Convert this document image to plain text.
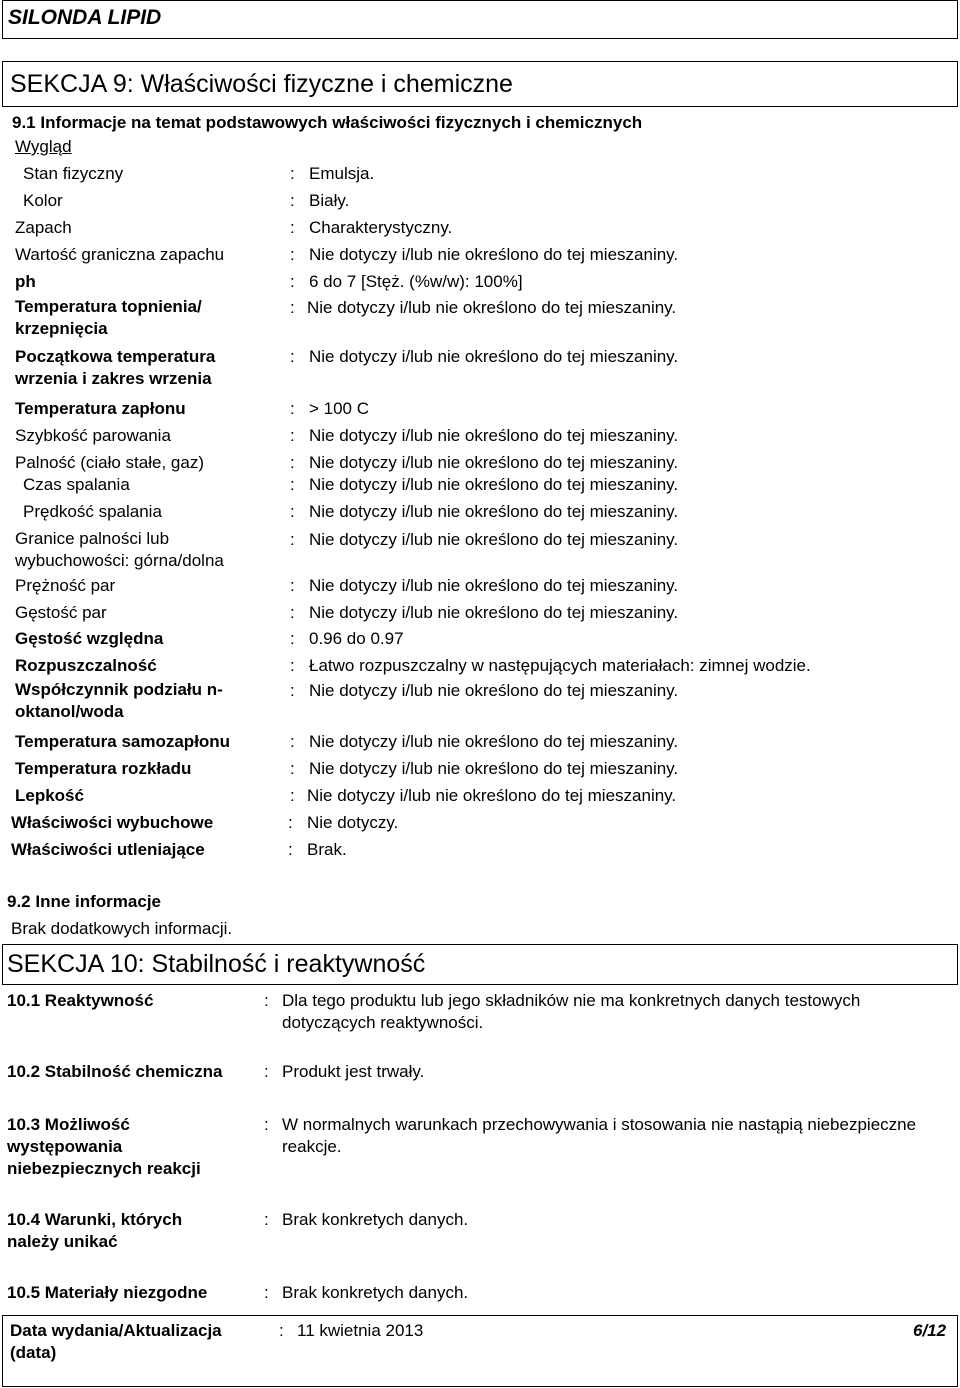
SILONDA LIPID
SEKCJA 9: Właściwości fizyczne i chemiczne
9.1 Informacje na temat podstawowych właściwości fizycznych i chemicznych
Wygląd
Stan fizyczny	: Emulsja.
Kolor	: Biały.
Zapach	: Charakterystyczny.
Wartość graniczna zapachu	: Nie dotyczy i/lub nie określono do tej mieszaniny.
ph	: 6 do 7 [Stęż. (%w/w): 100%]
Temperatura topnienia/ krzepnięcia
: Nie dotyczy i/lub nie określono do tej mieszaniny.
Początkowa temperatura wrzenia i zakres wrzenia
: Nie dotyczy i/lub nie określono do tej mieszaniny.
Temperatura zapłonu	: > 100 C
Szybkość parowania	: Nie dotyczy i/lub nie określono do tej mieszaniny.
Palność (ciało stałe, gaz)	: Nie dotyczy i/lub nie określono do tej mieszaniny.
Czas spalania	: Nie dotyczy i/lub nie określono do tej mieszaniny.
Prędkość spalania	: Nie dotyczy i/lub nie określono do tej mieszaniny.
Granice palności lub wybuchowości: górna/dolna
: Nie dotyczy i/lub nie określono do tej mieszaniny.
Prężność par	: Nie dotyczy i/lub nie określono do tej mieszaniny.
Gęstość par	: Nie dotyczy i/lub nie określono do tej mieszaniny.
Gęstość względna	: 0.96 do 0.97
Rozpuszczalność	: Łatwo rozpuszczalny w następujących materiałach: zimnej wodzie.
Współczynnik podziału n-oktanol/woda
: Nie dotyczy i/lub nie określono do tej mieszaniny.
Temperatura samozapłonu	: Nie dotyczy i/lub nie określono do tej mieszaniny.
Temperatura rozkładu	: Nie dotyczy i/lub nie określono do tej mieszaniny.
Lepkość	: Nie dotyczy i/lub nie określono do tej mieszaniny.
Właściwości wybuchowe	: Nie dotyczy.
Właściwości utleniające	: Brak.
9.2 Inne informacje
Brak dodatkowych informacji.
SEKCJA 10: Stabilność i reaktywność
10.1 Reaktywność	: Dla tego produktu lub jego składników nie ma konkretnych danych testowych dotyczących reaktywności.
10.2 Stabilność chemiczna : Produkt jest trwały.
10.3 Możliwość występowania niebezpiecznych reakcji
: W normalnych warunkach przechowywania i stosowania nie nastąpią niebezpieczne reakcje.
10.4 Warunki, których należy unikać
: Brak konkretych danych.
10.5 Materiały niezgodne	: Brak konkretych danych.
Data wydania/Aktualizacja (data)
: 11 kwietnia 2013	6/12
